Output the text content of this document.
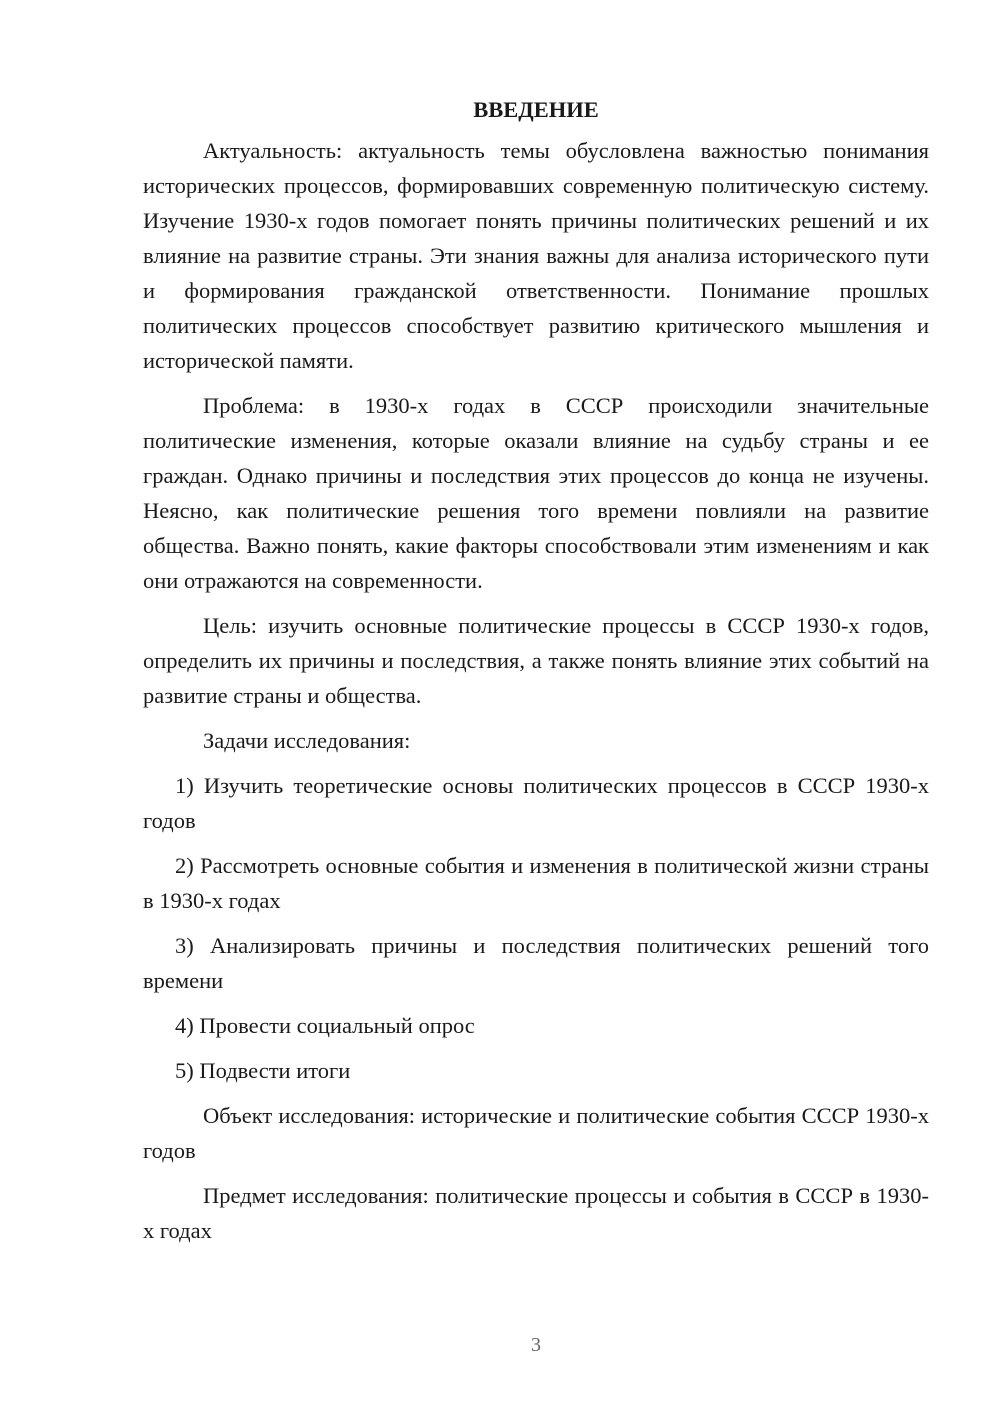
ВВЕДЕНИЕ

Актуальность: актуальность темы обусловлена важностью понимания исторических процессов, формировавших современную политическую систему. Изучение 1930-х годов помогает понять причины политических решений и их влияние на развитие страны. Эти знания важны для анализа исторического пути и формирования гражданской ответственности. Понимание прошлых политических процессов способствует развитию критического мышления и исторической памяти.

Проблема: в 1930-х годах в СССР происходили значительные политические изменения, которые оказали влияние на судьбу страны и ее граждан. Однако причины и последствия этих процессов до конца не изучены. Неясно, как политические решения того времени повлияли на развитие общества. Важно понять, какие факторы способствовали этим изменениям и как они отражаются на современности.

Цель: изучить основные политические процессы в СССР 1930-х годов, определить их причины и последствия, а также понять влияние этих событий на развитие страны и общества.

Задачи исследования:

1) Изучить теоретические основы политических процессов в СССР 1930-х годов

2) Рассмотреть основные события и изменения в политической жизни страны в 1930-х годах

3) Анализировать причины и последствия политических решений того времени

4) Провести социальный опрос

5) Подвести итоги

Объект исследования: исторические и политические события СССР 1930-х годов

Предмет исследования: политические процессы и события в СССР в 1930-х годах

3
